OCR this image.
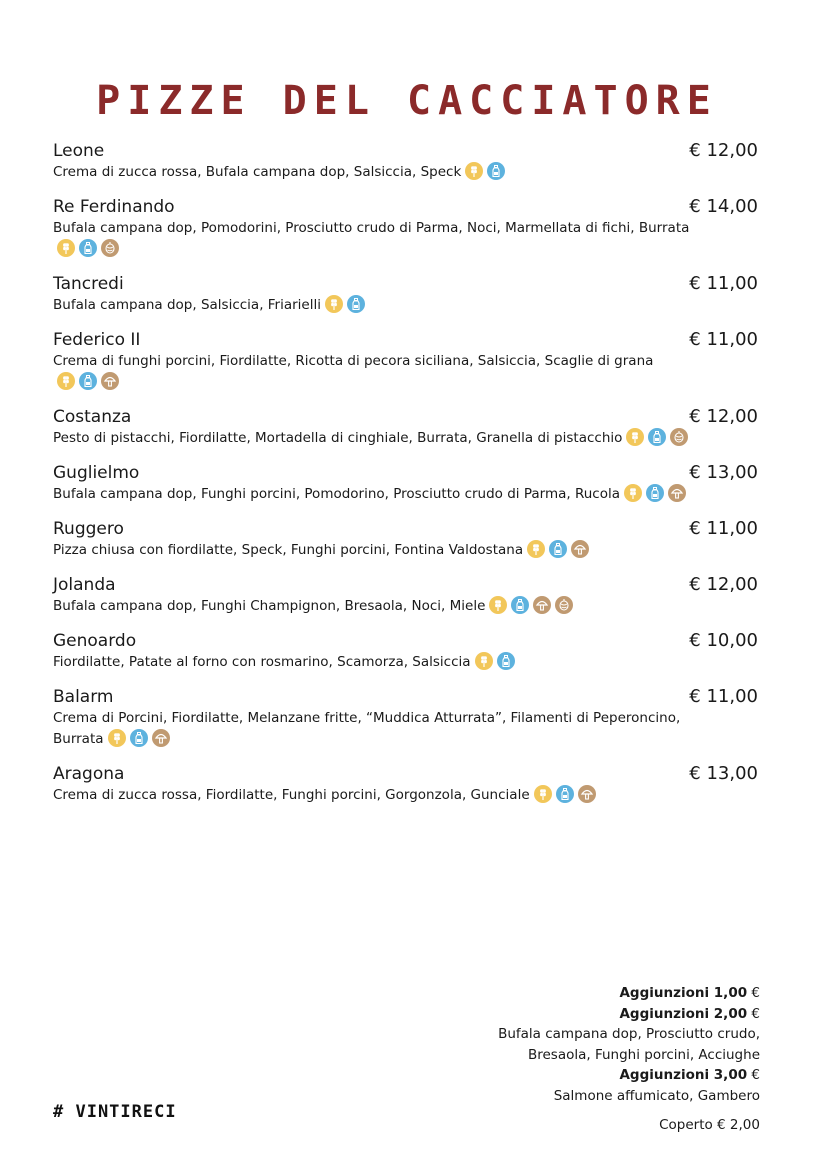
PIZZE DEL CACCIATORE
Leone	€ 12,00
Crema di zucca rossa, Bufala campana dop, Salsiccia, Speck
Re Ferdinando	€ 14,00
Bufala campana dop, Pomodorini, Prosciutto crudo di Parma, Noci, Marmellata di fichi, Burrata
Tancredi	€ 11,00
Bufala campana dop, Salsiccia, Friarielli
Federico II	€ 11,00
Crema di funghi porcini, Fiordilatte, Ricotta di pecora siciliana, Salsiccia, Scaglie di grana
Costanza	€ 12,00
Pesto di pistacchi, Fiordilatte, Mortadella di cinghiale, Burrata, Granella di pistacchio
Guglielmo	€ 13,00
Bufala campana dop, Funghi porcini, Pomodorino, Prosciutto crudo di Parma, Rucola
Ruggero	€ 11,00
Pizza chiusa con fiordilatte, Speck, Funghi porcini, Fontina Valdostana
Jolanda	€ 12,00
Bufala campana dop, Funghi Champignon, Bresaola, Noci, Miele
Genoardo	€ 10,00
Fiordilatte, Patate al forno con rosmarino, Scamorza, Salsiccia
Balarm	€ 11,00
Crema di Porcini, Fiordilatte, Melanzane fritte, “Muddica Atturrata”, Filamenti di Peperoncino, Burrata
Aragona	€ 13,00
Crema di zucca rossa, Fiordilatte, Funghi porcini, Gorgonzola, Gunciale
Aggiunzioni 1,00 €
Aggiunzioni 2,00 €
Bufala campana dop, Prosciutto crudo,
Bresaola, Funghi porcini, Acciughe
Aggiunzioni 3,00 €
Salmone affumicato, Gambero
Coperto € 2,00
# VINTIRECI
